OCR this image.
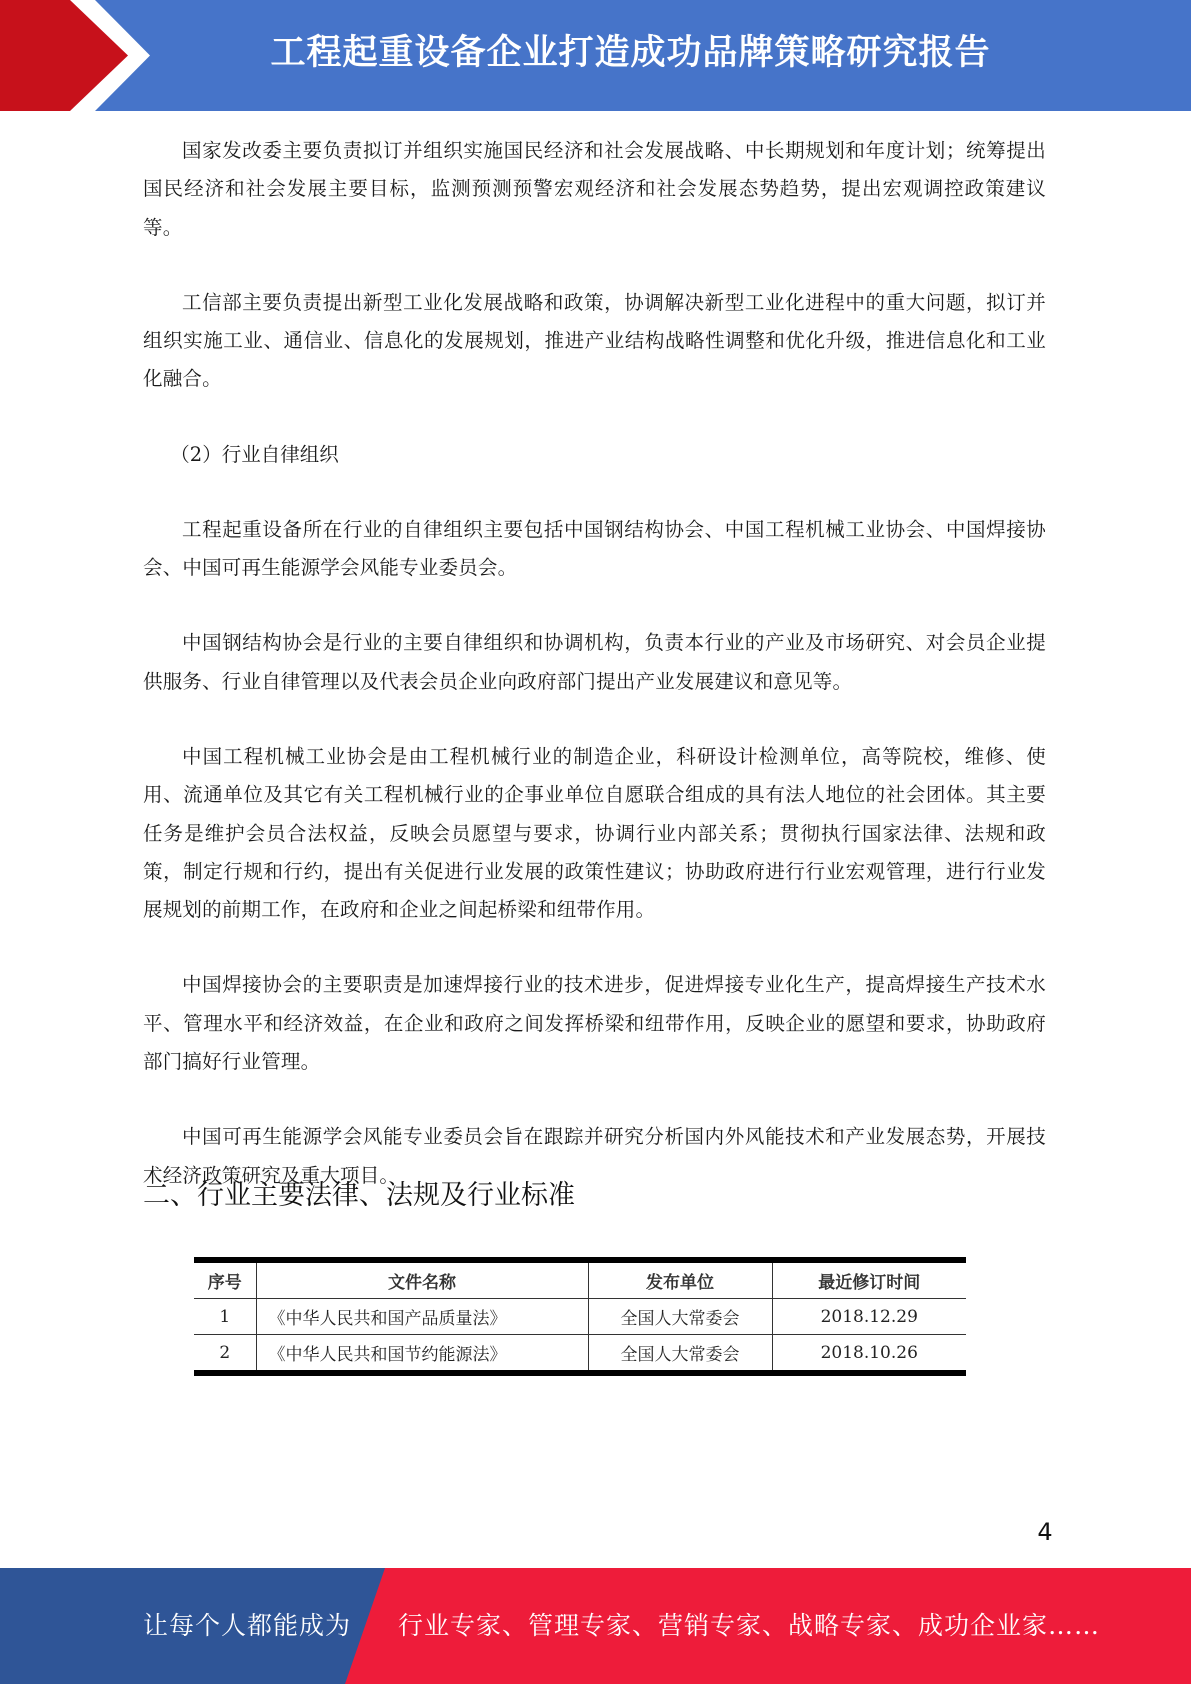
工程起重设备企业打造成功品牌策略研究报告

国家发改委主要负责拟订并组织实施国民经济和社会发展战略、中长期规划和年度计划；统筹提出国民经济和社会发展主要目标，监测预测预警宏观经济和社会发展态势趋势，提出宏观调控政策建议等。

工信部主要负责提出新型工业化发展战略和政策，协调解决新型工业化进程中的重大问题，拟订并组织实施工业、通信业、信息化的发展规划，推进产业结构战略性调整和优化升级，推进信息化和工业化融合。

（2）行业自律组织

工程起重设备所在行业的自律组织主要包括中国钢结构协会、中国工程机械工业协会、中国焊接协会、中国可再生能源学会风能专业委员会。

中国钢结构协会是行业的主要自律组织和协调机构，负责本行业的产业及市场研究、对会员企业提供服务、行业自律管理以及代表会员企业向政府部门提出产业发展建议和意见等。

中国工程机械工业协会是由工程机械行业的制造企业，科研设计检测单位，高等院校，维修、使用、流通单位及其它有关工程机械行业的企事业单位自愿联合组成的具有法人地位的社会团体。其主要任务是维护会员合法权益，反映会员愿望与要求，协调行业内部关系；贯彻执行国家法律、法规和政策，制定行规和行约，提出有关促进行业发展的政策性建议；协助政府进行行业宏观管理，进行行业发展规划的前期工作，在政府和企业之间起桥梁和纽带作用。

中国焊接协会的主要职责是加速焊接行业的技术进步，促进焊接专业化生产，提高焊接生产技术水平、管理水平和经济效益，在企业和政府之间发挥桥梁和纽带作用，反映企业的愿望和要求，协助政府部门搞好行业管理。

中国可再生能源学会风能专业委员会旨在跟踪并研究分析国内外风能技术和产业发展态势，开展技术经济政策研究及重大项目。

二、行业主要法律、法规及行业标准
序号	文件名称	发布单位	最近修订时间
1	《中华人民共和国产品质量法》	全国人大常委会	2018.12.29
2	《中华人民共和国节约能源法》	全国人大常委会	2018.10.26
4
让每个人都能成为 行业专家、管理专家、营销专家、战略专家、成功企业家……
